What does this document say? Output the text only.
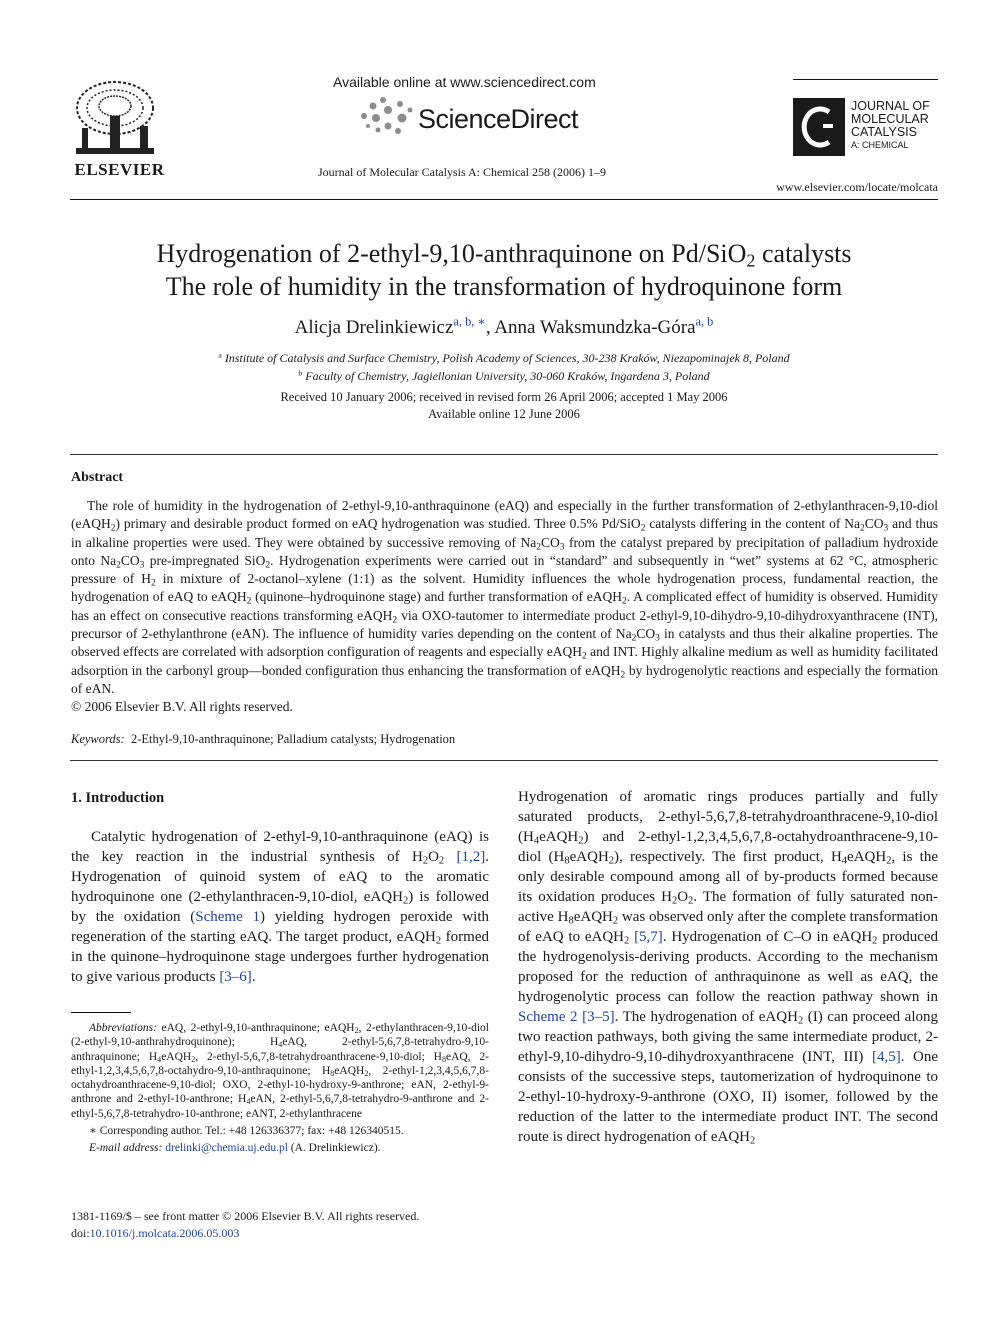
ELSEVIER
Available online at www.sciencedirect.com
ScienceDirect
Journal of Molecular Catalysis A: Chemical 258 (2006) 1–9
JOURNAL OF
MOLECULAR
CATALYSIS
A: CHEMICAL
www.elsevier.com/locate/molcata
Hydrogenation of 2-ethyl-9,10-anthraquinone on Pd/SiO$_2$ catalysts
The role of humidity in the transformation of hydroquinone form
Alicja Drelinkiewicz$^{a, b, ∗}$, Anna Waksmundzka-Góra$^{a, b}$
$^a$ Institute of Catalysis and Surface Chemistry, Polish Academy of Sciences, 30-238 Kraków, Niezapominajek 8, Poland
$^b$ Faculty of Chemistry, Jagiellonian University, 30-060 Kraków, Ingardena 3, Poland
Received 10 January 2006; received in revised form 26 April 2006; accepted 1 May 2006
Available online 12 June 2006
Abstract

The role of humidity in the hydrogenation of 2-ethyl-9,10-anthraquinone (eAQ) and especially in the further transformation of 2-ethylanthracen-9,10-diol (eAQH$_2$) primary and desirable product formed on eAQ hydrogenation was studied. Three 0.5% Pd/SiO$_2$ catalysts differing in the content of $Na_2CO_3$ and thus in alkaline properties were used. They were obtained by successive removing of $Na_2CO_3$ from the catalyst prepared by precipitation of palladium hydroxide onto $Na_2CO_3$ pre-impregnated SiO$_2$. Hydrogenation experiments were carried out in “standard” and subsequently in “wet” systems at 62 °C, atmospheric pressure of $H_2$ in mixture of 2-octanol–xylene (1:1) as the solvent. Humidity influences the whole hydrogenation process, fundamental reaction, the hydrogenation of eAQ to eAQH$_2$ (quinone–hydroquinone stage) and further transformation of eAQH$_2$. A complicated effect of humidity is observed. Humidity has an effect on consecutive reactions transforming eAQH$_2$ via OXO-tautomer to intermediate product 2-ethyl-9,10-dihydro-9,10-dihydroxyanthracene (INT), precursor of 2-ethylanthrone (eAN). The influence of humidity varies depending on the content of $Na_2CO_3$ in catalysts and thus their alkaline properties. The observed effects are correlated with adsorption configuration of reagents and especially eAQH$_2$ and INT. Highly alkaline medium as well as humidity facilitated adsorption in the carbonyl group—bonded configuration thus enhancing the transformation of eAQH$_2$ by hydrogenolytic reactions and especially the formation of eAN.

© 2006 Elsevier B.V. All rights reserved.

Keywords: 2-Ethyl-9,10-anthraquinone; Palladium catalysts; Hydrogenation
1. Introduction

Catalytic hydrogenation of 2-ethyl-9,10-anthraquinone (eAQ) is the key reaction in the industrial synthesis of $H_2O_2$ [1,2]. Hydrogenation of quinoid system of eAQ to the aromatic hydroquinone one (2-ethylanthracen-9,10-diol, eAQH$_2$) is followed by the oxidation (Scheme 1) yielding hydrogen peroxide with regeneration of the starting eAQ. The target product, eAQH$_2$ formed in the quinone–hydroquinone stage undergoes further hydrogenation to give various products [3–6].

Abbreviations: eAQ, 2-ethyl-9,10-anthraquinone; eAQH$_2$, 2-ethylanthracen-9,10-diol (2-ethyl-9,10-anthrahydroquinone); $H_4eAQ$, 2-ethyl-5,6,7,8-tetrahydro-9,10-anthraquinone; $H_4eAQH_2$, 2-ethyl-5,6,7,8-tetrahydroanthracene-9,10-diol; $H_8eAQ$, 2-ethyl-1,2,3,4,5,6,7,8-octahydro-9,10-anthraquinone; $H_8eAQH_2$, 2-ethyl-1,2,3,4,5,6,7,8-octahydroanthracene-9,10-diol; OXO, 2-ethyl-10-hydroxy-9-anthrone; eAN, 2-ethyl-9-anthrone and 2-ethyl-10-anthrone; $H_4eAN$, 2-ethyl-5,6,7,8-tetrahydro-9-anthrone and 2-ethyl-5,6,7,8-tetrahydro-10-anthrone; eANT, 2-ethylanthracene

∗ Corresponding author. Tel.: +48 126336377; fax: +48 126340515.

E-mail address: drelinki@chemia.uj.edu.pl (A. Drelinkiewicz).

1381-1169/$ – see front matter © 2006 Elsevier B.V. All rights reserved.
doi:10.1016/j.molcata.2006.05.003

Hydrogenation of aromatic rings produces partially and fully saturated products, 2-ethyl-5,6,7,8-tetrahydroanthracene-9,10-diol $(H_4eAQH_2)$ and 2-ethyl-1,2,3,4,5,6,7,8-octahydroanthracene-9,10-diol $(H_8eAQH_2)$, respectively. The first product, $H_4eAQH_2$, is the only desirable compound among all of by-products formed because its oxidation produces $H_2O_2$. The formation of fully saturated non-active $H_8eAQH_2$ was observed only after the complete transformation of eAQ to eAQH$_2$ [5,7]. Hydrogenation of C–O in eAQH$_2$ produced the hydrogenolysis-deriving products. According to the mechanism proposed for the reduction of anthraquinone as well as eAQ, the hydrogenolytic process can follow the reaction pathway shown in Scheme 2 [3–5]. The hydrogenation of eAQH$_2$ (I) can proceed along two reaction pathways, both giving the same intermediate product, 2-ethyl-9,10-dihydro-9,10-dihydroxyanthracene (INT, III) [4,5]. One consists of the successive steps, tautomerization of hydroquinone to 2-ethyl-10-hydroxy-9-anthrone (OXO, II) isomer, followed by the reduction of the latter to the intermediate product INT. The second route is direct hydrogenation of eAQH$_2$
